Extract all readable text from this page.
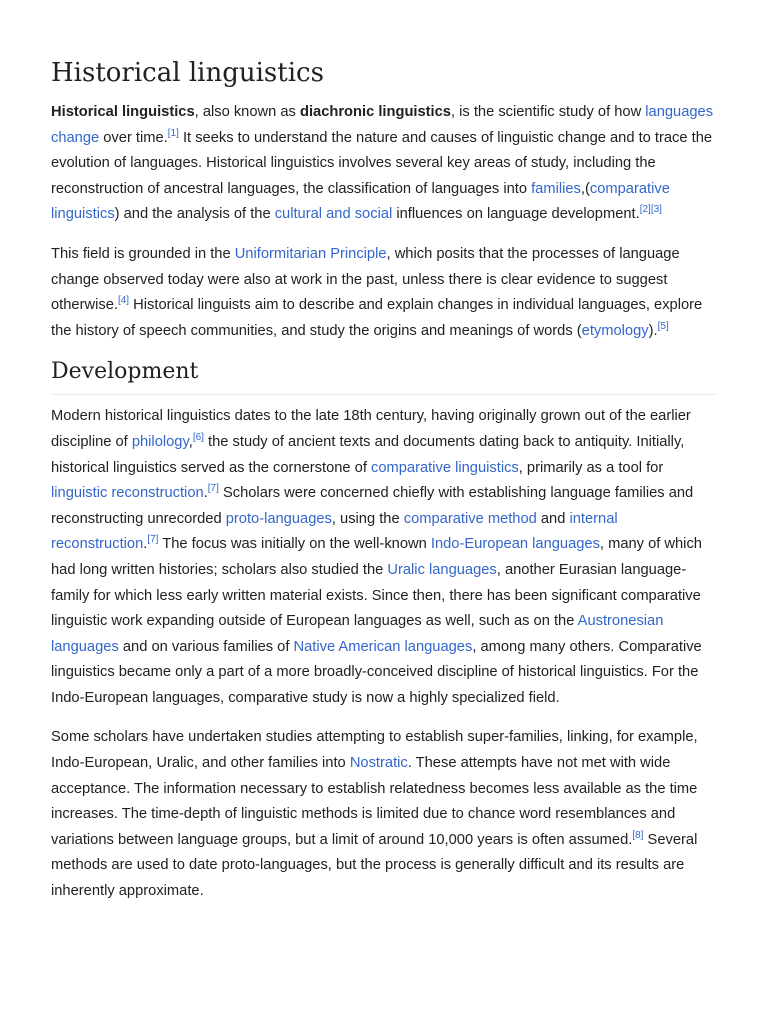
Historical linguistics

Historical linguistics, also known as diachronic linguistics, is the scientific study of how languages change over time.[1] It seeks to understand the nature and causes of linguistic change and to trace the evolution of languages. Historical linguistics involves several key areas of study, including the reconstruction of ancestral languages, the classification of languages into families,(comparative linguistics) and the analysis of the cultural and social influences on language development.[2][3]

This field is grounded in the Uniformitarian Principle, which posits that the processes of language change observed today were also at work in the past, unless there is clear evidence to suggest otherwise.[4] Historical linguists aim to describe and explain changes in individual languages, explore the history of speech communities, and study the origins and meanings of words (etymology).[5]

Development

Modern historical linguistics dates to the late 18th century, having originally grown out of the earlier discipline of philology,[6] the study of ancient texts and documents dating back to antiquity. Initially, historical linguistics served as the cornerstone of comparative linguistics, primarily as a tool for linguistic reconstruction.[7] Scholars were concerned chiefly with establishing language families and reconstructing unrecorded proto-languages, using the comparative method and internal reconstruction.[7] The focus was initially on the well-known Indo-European languages, many of which had long written histories; scholars also studied the Uralic languages, another Eurasian language-family for which less early written material exists. Since then, there has been significant comparative linguistic work expanding outside of European languages as well, such as on the Austronesian languages and on various families of Native American languages, among many others. Comparative linguistics became only a part of a more broadly-conceived discipline of historical linguistics. For the Indo-European languages, comparative study is now a highly specialized field.

Some scholars have undertaken studies attempting to establish super-families, linking, for example, Indo-European, Uralic, and other families into Nostratic. These attempts have not met with wide acceptance. The information necessary to establish relatedness becomes less available as the time increases. The time-depth of linguistic methods is limited due to chance word resemblances and variations between language groups, but a limit of around 10,000 years is often assumed.[8] Several methods are used to date proto-languages, but the process is generally difficult and its results are inherently approximate.
